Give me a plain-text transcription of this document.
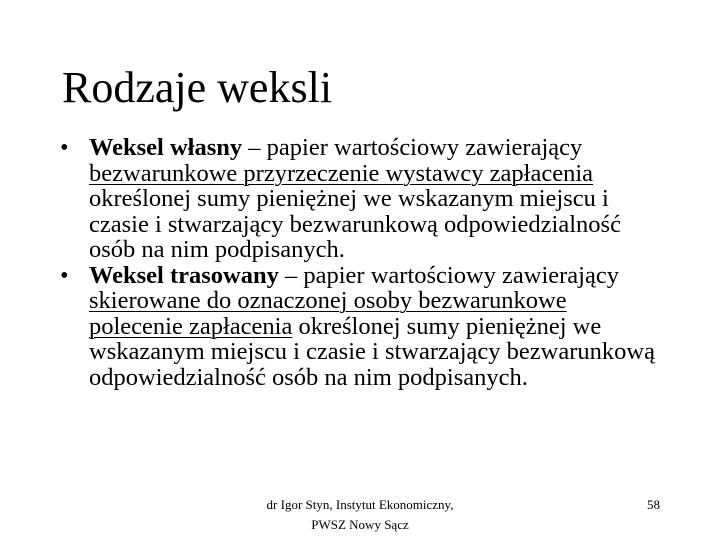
Rodzaje weksli
• Weksel własny – papier wartościowy zawierający bezwarunkowe przyrzeczenie wystawcy zapłacenia określonej sumy pieniężnej we wskazanym miejscu i czasie i stwarzający bezwarunkową odpowiedzialność osób na nim podpisanych.
• Weksel trasowany – papier wartościowy zawierający skierowane do oznaczonej osoby bezwarunkowe polecenie zapłacenia określonej sumy pieniężnej we wskazanym miejscu i czasie i stwarzający bezwarunkową odpowiedzialność osób na nim podpisanych.
dr Igor Styn, Instytut Ekonomiczny,
PWSZ Nowy Sącz
58
